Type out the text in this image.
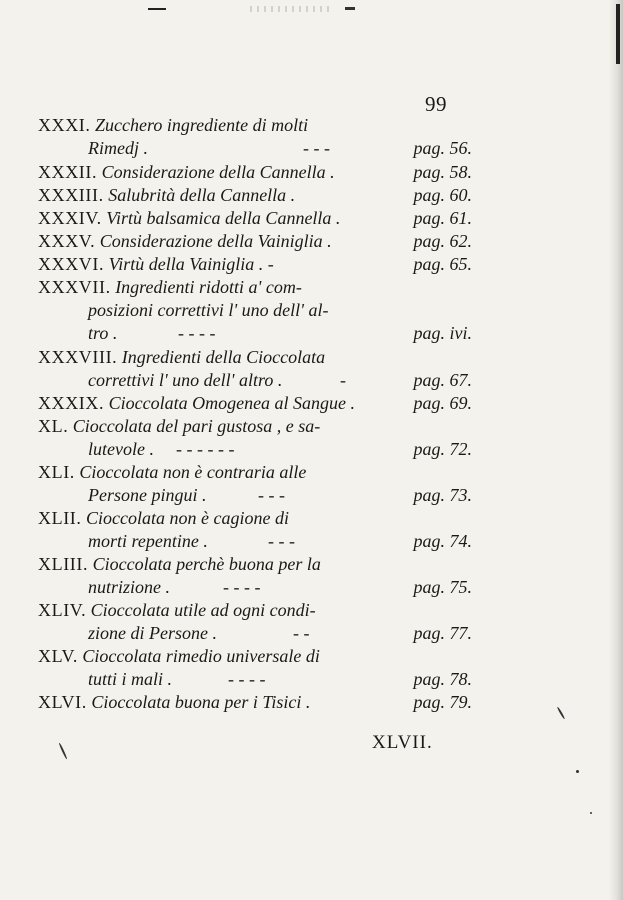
99
XXXI. Zucchero ingrediente di molti
Rimedj .	- - -	pag. 56.
XXXII. Considerazione della Cannella .	pag. 58.
XXXIII. Salubrità della Cannella .	pag. 60.
XXXIV. Virtù balsamica della Cannella .	pag. 61.
XXXV. Considerazione della Vainiglia .	pag. 62.
XXXVI. Virtù della Vainiglia . -	pag. 65.
XXXVII. Ingredienti ridotti a' com-
posizioni correttivi l' uno dell' al-
tro .	- - - -	pag. ivi.
XXXVIII. Ingredienti della Cioccolata
correttivi l' uno dell' altro .	-	pag. 67.
XXXIX. Cioccolata Omogenea al Sangue .	pag. 69.
XL. Cioccolata del pari gustosa , e sa-
lutevole . - - - - - -	pag. 72.
XLI. Cioccolata non è contraria alle
Persone pingui .	- - -	pag. 73.
XLII. Cioccolata non è cagione di
morti repentine .	- - -	pag. 74.
XLIII. Cioccolata perchè buona per la
nutrizione .	- - - -	pag. 75.
XLIV. Cioccolata utile ad ogni condi-
zione di Persone .	- -	pag. 77.
XLV. Cioccolata rimedio universale di
tutti i mali .	- - - -	pag. 78.
XLVI. Cioccolata buona per i Tisici .	pag. 79.
XLVII.
